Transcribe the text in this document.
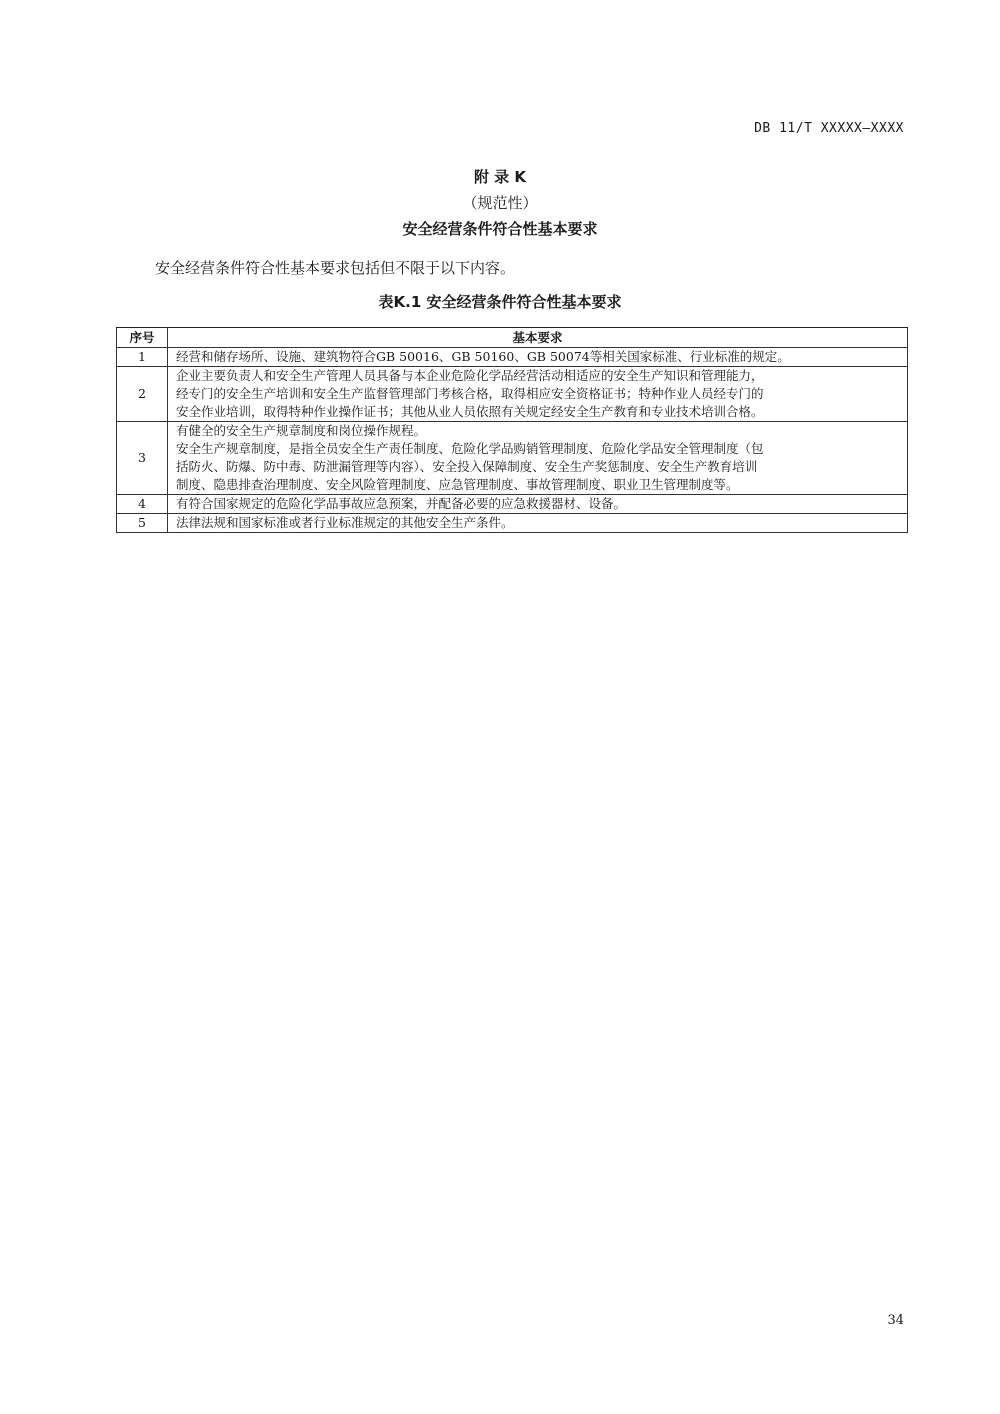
DB 11/T XXXXX—XXXX
附 录 K
（规范性）
安全经营条件符合性基本要求
安全经营条件符合性基本要求包括但不限于以下内容。
表K.1 安全经营条件符合性基本要求
序号	基本要求
1	经营和储存场所、设施、建筑物符合GB 50016、GB 50160、GB 50074等相关国家标准、行业标准的规定。

2	企业主要负责人和安全生产管理人员具备与本企业危险化学品经营活动相适应的安全生产知识和管理能力，
经专门的安全生产培训和安全生产监督管理部门考核合格，取得相应安全资格证书；特种作业人员经专门的
安全作业培训，取得特种作业操作证书；其他从业人员依照有关规定经安全生产教育和专业技术培训合格。

3	有健全的安全生产规章制度和岗位操作规程。
安全生产规章制度，是指全员安全生产责任制度、危险化学品购销管理制度、危险化学品安全管理制度（包
括防火、防爆、防中毒、防泄漏管理等内容）、安全投入保障制度、安全生产奖惩制度、安全生产教育培训
制度、隐患排查治理制度、安全风险管理制度、应急管理制度、事故管理制度、职业卫生管理制度等。

4	有符合国家规定的危险化学品事故应急预案，并配备必要的应急救援器材、设备。

5	法律法规和国家标准或者行业标准规定的其他安全生产条件。
34
